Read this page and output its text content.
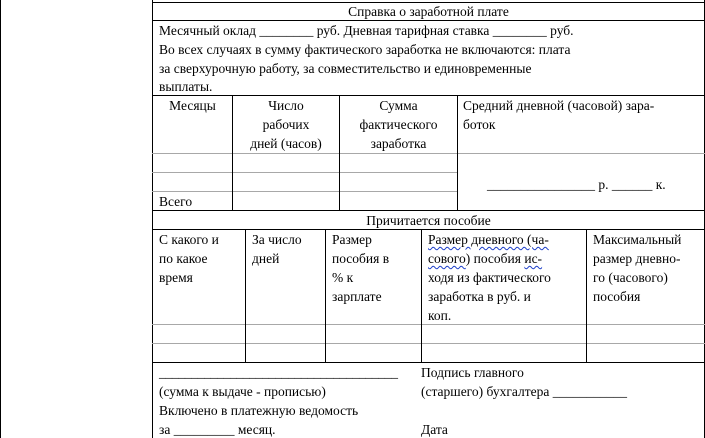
Справка о заработной плате
Месячный оклад ________ руб. Дневная тарифная ставка ________ руб.
Во всех случаях в сумму фактического заработка не включаются: плата
за сверхурочную работу, за совместительство и единовременные
выплаты.
Месяцы	Число
рабочих
дней (часов)
Сумма
фактического
заработка
Средний дневной (часовой) зара-
боток
Всего
________________ р. ______ к.
Причитается пособие
С какого и
по какое
время
За число
дней
Размер
пособия в
% к
зарплате
Размер дневного (ча-
сового) пособия ис-
ходя из фактического
заработка в руб. и
коп.
Максимальный
размер дневно-
го (часового)
пособия
_____________________________________
(сумма к выдаче - прописью)
Подпись главного
(старшего) бухгалтера ___________
Включено в платежную ведомость
за _________ месяц.	Дата
